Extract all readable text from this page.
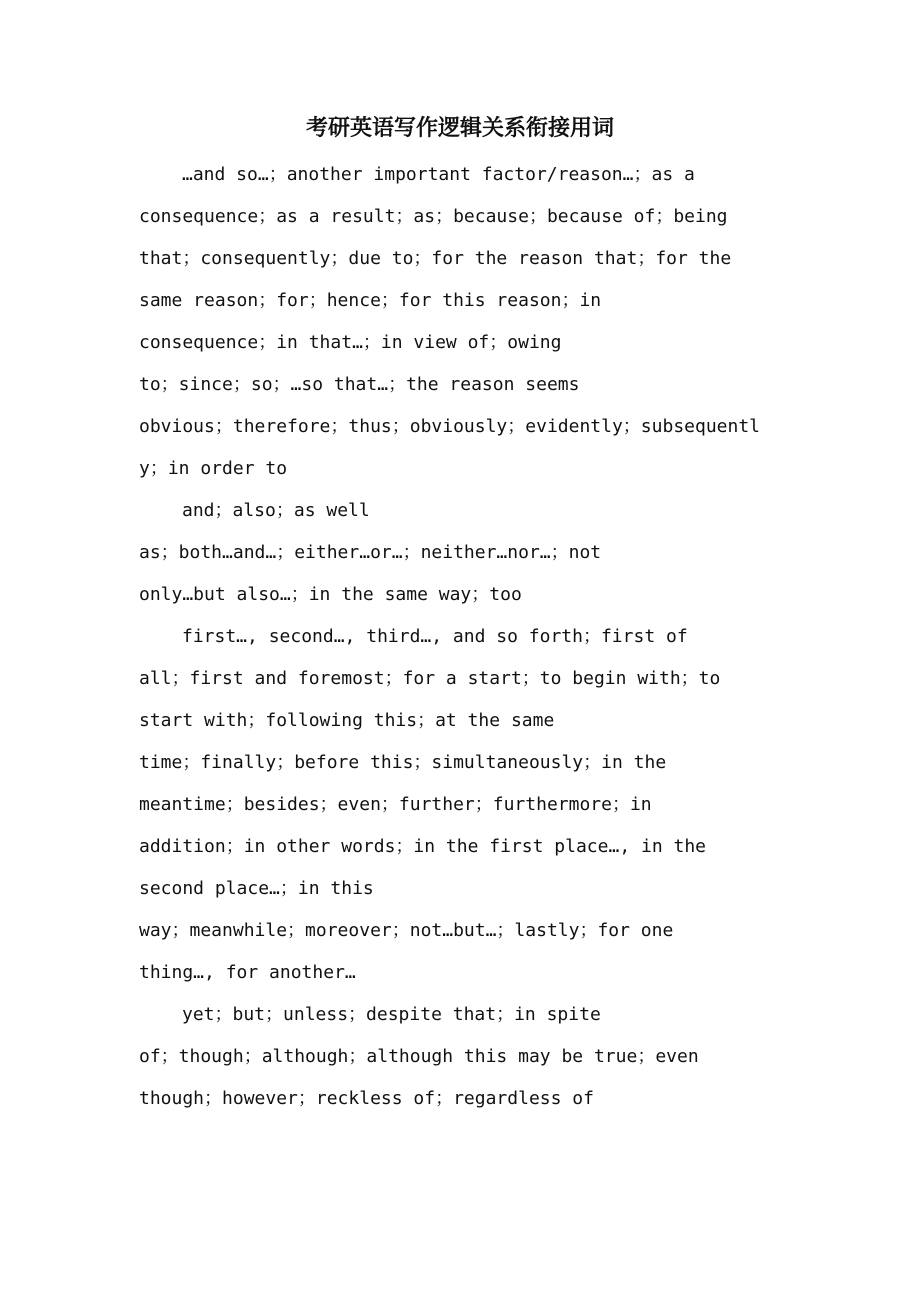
考研英语写作逻辑关系衔接用词
…and so…；another important factor/reason…；as a
consequence；as a result；as；because；because of；being
that；consequently；due to；for the reason that；for the
same reason；for；hence；for this reason；in
consequence；in that…；in view of；owing
to；since；so；…so that…；the reason seems
obvious；therefore；thus；obviously；evidently；subsequentl
y；in order to
and；also；as well
as；both…and…；either…or…；neither…nor…；not
only…but also…；in the same way；too
first…, second…, third…, and so forth；first of
all；first and foremost；for a start；to begin with；to
start with；following this；at the same
time；finally；before this；simultaneously；in the
meantime；besides；even；further；furthermore；in
addition；in other words；in the first place…, in the
second place…；in this
way；meanwhile；moreover；not…but…；lastly；for one
thing…, for another…
yet；but；unless；despite that；in spite
of；though；although；although this may be true；even
though；however；reckless of；regardless of
